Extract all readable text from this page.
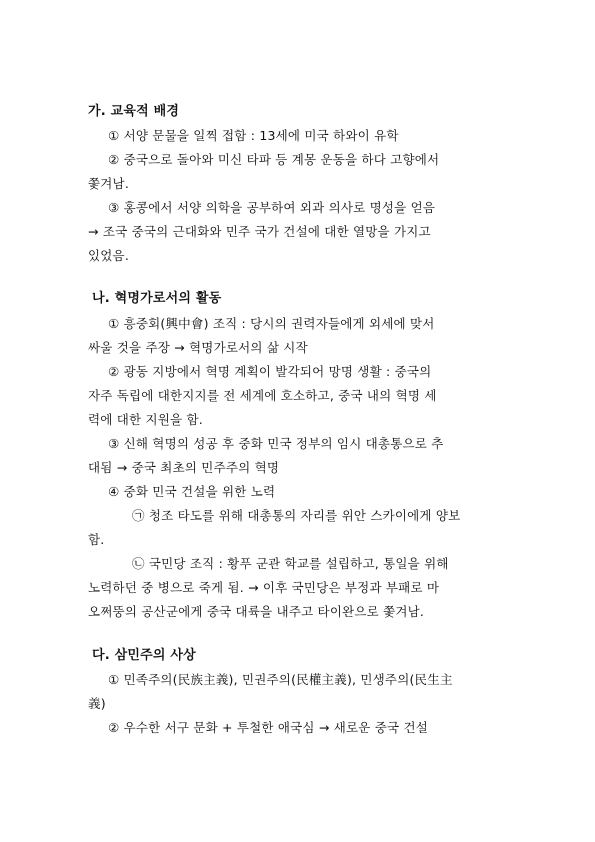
가. 교육적 배경
① 서양 문물을 일찍 접함 : 13세에 미국 하와이 유학
② 중국으로 돌아와 미신 타파 등 계몽 운동을 하다 고향에서
쫓겨남.
③ 홍콩에서 서양 의학을 공부하여 외과 의사로 명성을 얻음
→ 조국 중국의 근대화와 민주 국가 건설에 대한 열망을 가지고
있었음.
나. 혁명가로서의 활동
① 흥중회(興中會) 조직 : 당시의 권력자들에게 외세에 맞서
싸울 것을 주장 → 혁명가로서의 삶 시작
② 광동 지방에서 혁명 계획이 발각되어 망명 생활 : 중국의
자주 독립에 대한지지를 전 세계에 호소하고, 중국 내의 혁명 세
력에 대한 지원을 함.
③ 신해 혁명의 성공 후 중화 민국 정부의 임시 대총통으로 추
대됨 → 중국 최초의 민주주의 혁명
④ 중화 민국 건설을 위한 노력
㉠ 청조 타도를 위해 대총통의 자리를 위안 스카이에게 양보
함.
㉡ 국민당 조직 : 황푸 군관 학교를 설립하고, 통일을 위해
노력하던 중 병으로 죽게 됨. → 이후 국민당은 부정과 부패로 마
오쩌뚱의 공산군에게 중국 대륙을 내주고 타이완으로 쫓겨남.
다. 삼민주의 사상
① 민족주의(民族主義), 민권주의(民權主義), 민생주의(民生主
義)
② 우수한 서구 문화 + 투철한 애국심 → 새로운 중국 건설
